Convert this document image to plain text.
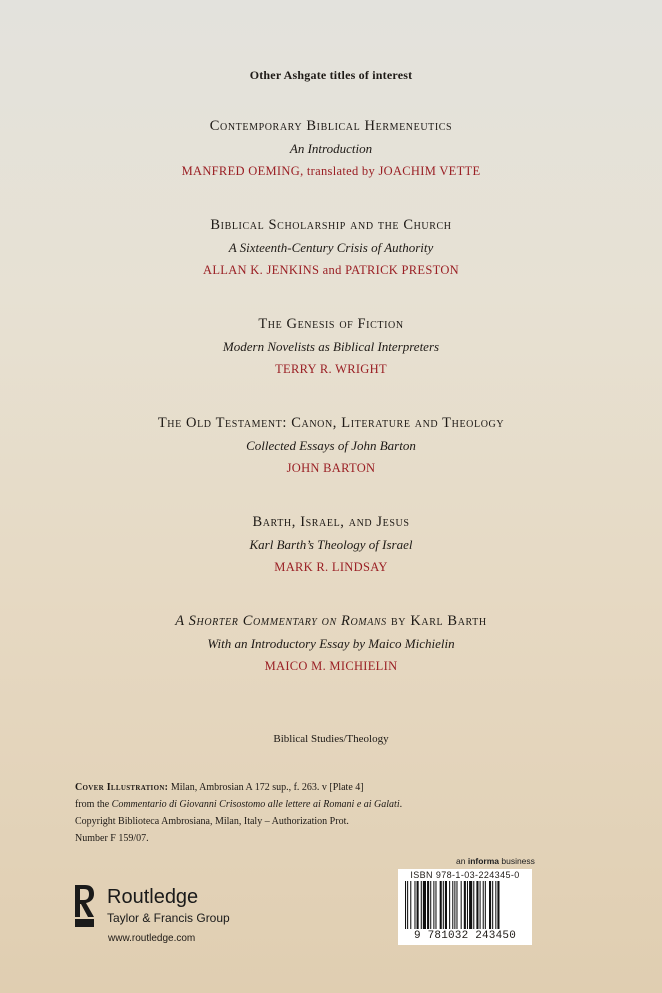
Other Ashgate titles of interest
Contemporary Biblical Hermeneutics
An Introduction
MANFRED OEMING, translated by JOACHIM VETTE
Biblical Scholarship and the Church
A Sixteenth-Century Crisis of Authority
ALLAN K. JENKINS and PATRICK PRESTON
The Genesis of Fiction
Modern Novelists as Biblical Interpreters
TERRY R. WRIGHT
The Old Testament: Canon, Literature and Theology
Collected Essays of John Barton
JOHN BARTON
Barth, Israel, and Jesus
Karl Barth’s Theology of Israel
MARK R. LINDSAY
A Shorter Commentary on Romans by Karl Barth
With an Introductory Essay by Maico Michielin
MAICO M. MICHIELIN
Biblical Studies/Theology
Cover Illustration: Milan, Ambrosian A 172 sup., f. 263. v [Plate 4]
from the Commentario di Giovanni Crisostomo alle lettere ai Romani e ai Galati.
Copyright Biblioteca Ambrosiana, Milan, Italy – Authorization Prot.
Number F 159/07.
Routledge
Taylor & Francis Group
www.routledge.com
an informa business
ISBN 978-1-03-224345-0
9 781032 243450
